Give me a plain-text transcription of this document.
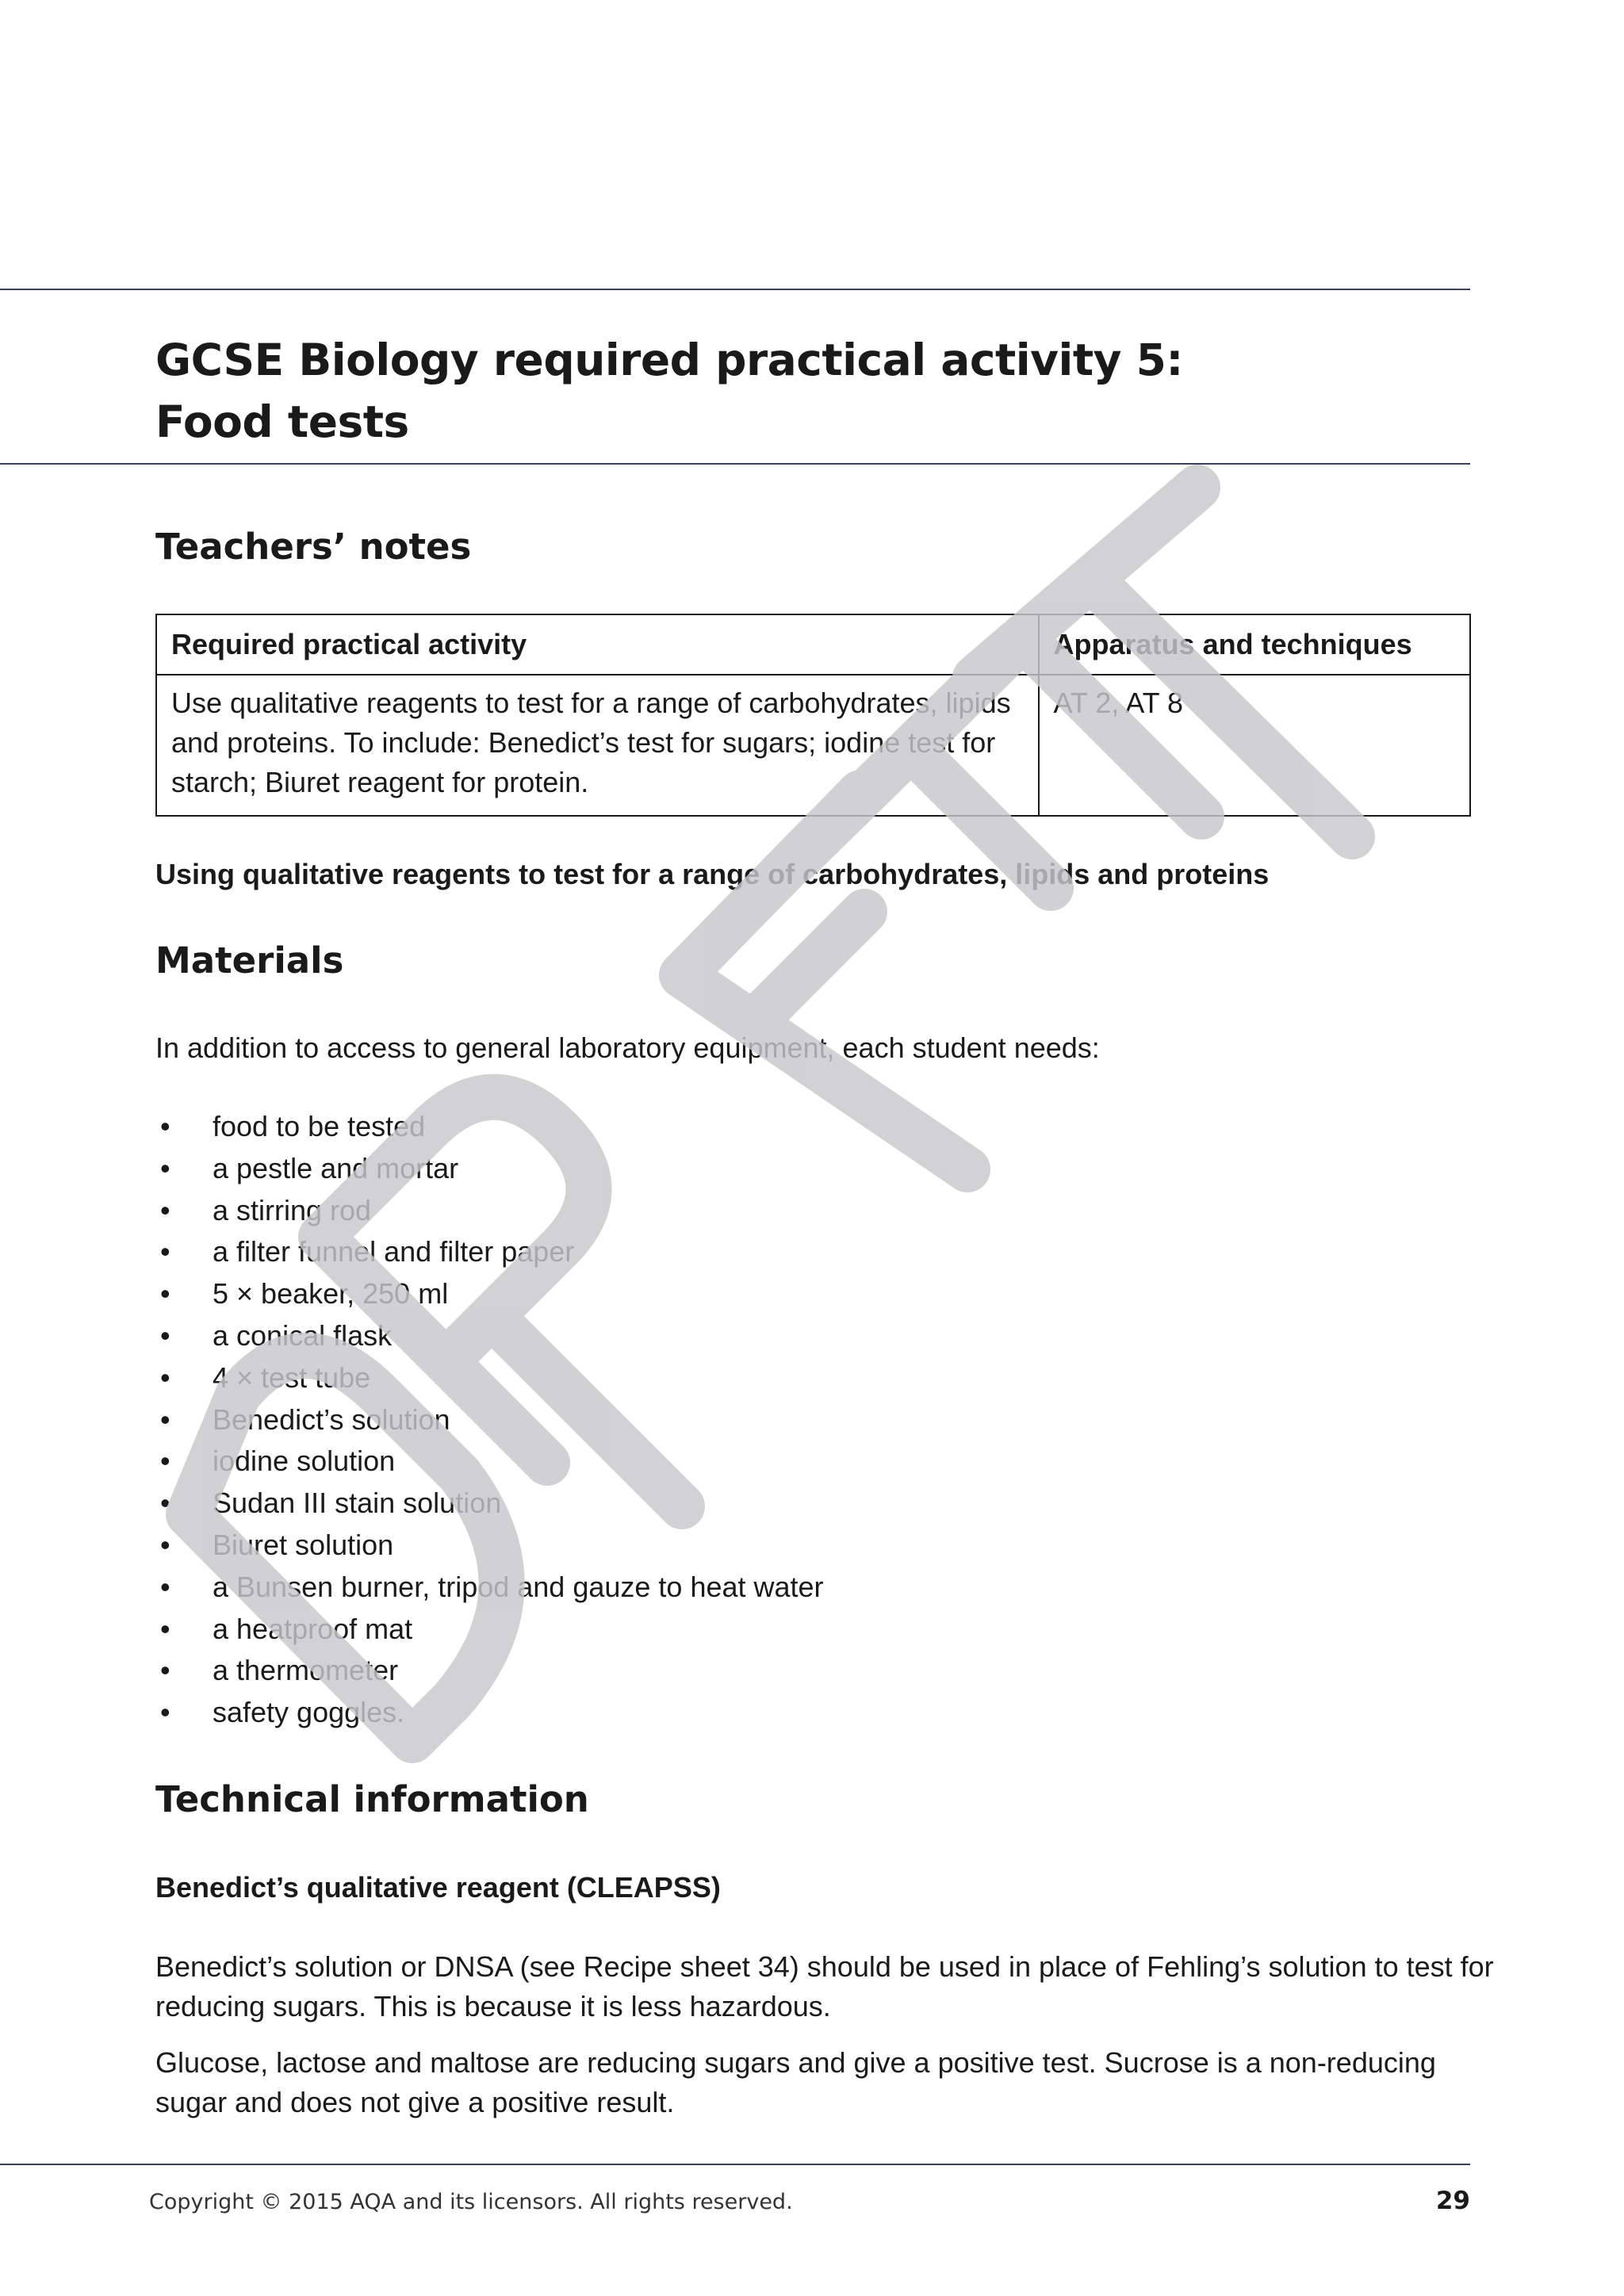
GCSE Biology required practical activity 5:
Food tests
Teachers’ notes
Required practical activity	Apparatus and techniques
Use qualitative reagents to test for a range of carbohydrates, lipids and proteins. To include: Benedict’s test for sugars; iodine test for starch; Biuret reagent for protein.	AT 2, AT 8
Using qualitative reagents to test for a range of carbohydrates, lipids and proteins
Materials
In addition to access to general laboratory equipment, each student needs:
• food to be tested
• a pestle and mortar
• a stirring rod
• a filter funnel and filter paper
• 5 × beaker, 250 ml
• a conical flask
• 4 × test tube
• Benedict’s solution
• iodine solution
• Sudan III stain solution
• Biuret solution
• a Bunsen burner, tripod and gauze to heat water
• a heatproof mat
• a thermometer
• safety goggles.
Technical information
Benedict’s qualitative reagent (CLEAPSS)

Benedict’s solution or DNSA (see Recipe sheet 34) should be used in place of Fehling’s solution to test for reducing sugars. This is because it is less hazardous.

Glucose, lactose and maltose are reducing sugars and give a positive test. Sucrose is a non-reducing sugar and does not give a positive result.

Copyright © 2015 AQA and its licensors. All rights reserved.	29
